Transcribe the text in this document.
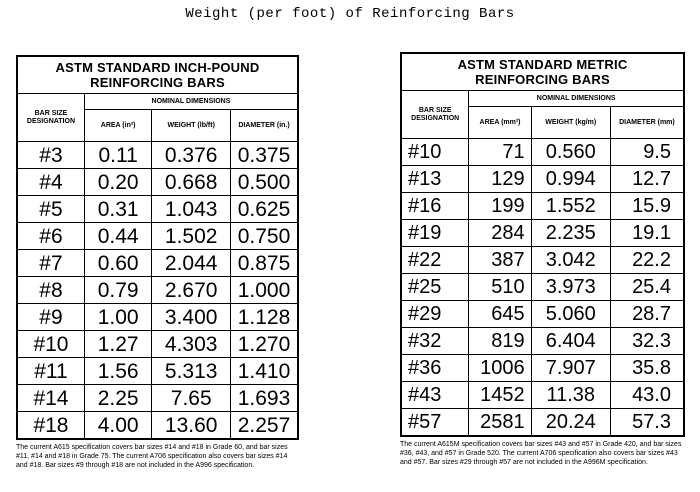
Weight (per foot) of Reinforcing Bars
ASTM STANDARD INCH-POUND
REINFORCING BARS			

BAR SIZE DESIGNATION	NOMINAL DIMENSIONS		
	AREA (in²)	WEIGHT (lb/ft)	DIAMETER (in.)
#3	0.11	0.376	0.375
#4	0.20	0.668	0.500
#5	0.31	1.043	0.625
#6	0.44	1.502	0.750
#7	0.60	2.044	0.875
#8	0.79	2.670	1.000
#9	1.00	3.400	1.128
#10	1.27	4.303	1.270
#11	1.56	5.313	1.410
#14	2.25	7.65	1.693
#18	4.00	13.60	2.257
The current A615 specification covers bar sizes #14 and #18 in Grade 60, and bar sizes #11, #14 and #18 in Grade 75. The current A706 specification also covers bar sizes #14 and #18. Bar sizes #9 through #18 are not included in the A996 specification.
ASTM STANDARD METRIC
REINFORCING BARS			

BAR SIZE DESIGNATION	NOMINAL DIMENSIONS		
	AREA (mm²)	WEIGHT (kg/m)	DIAMETER (mm)
#10	71	0.560	9.5
#13	129	0.994	12.7
#16	199	1.552	15.9
#19	284	2.235	19.1
#22	387	3.042	22.2
#25	510	3.973	25.4
#29	645	5.060	28.7
#32	819	6.404	32.3
#36	1006	7.907	35.8
#43	1452	11.38	43.0
#57	2581	20.24	57.3
The current A615M specification covers bar sizes #43 and #57 in Grade 420, and bar sizes #36, #43, and #57 in Grade 520. The current A706 specification also covers bar sizes #43 and #57. Bar sizes #29 through #57 are not included in the A996M specification.
